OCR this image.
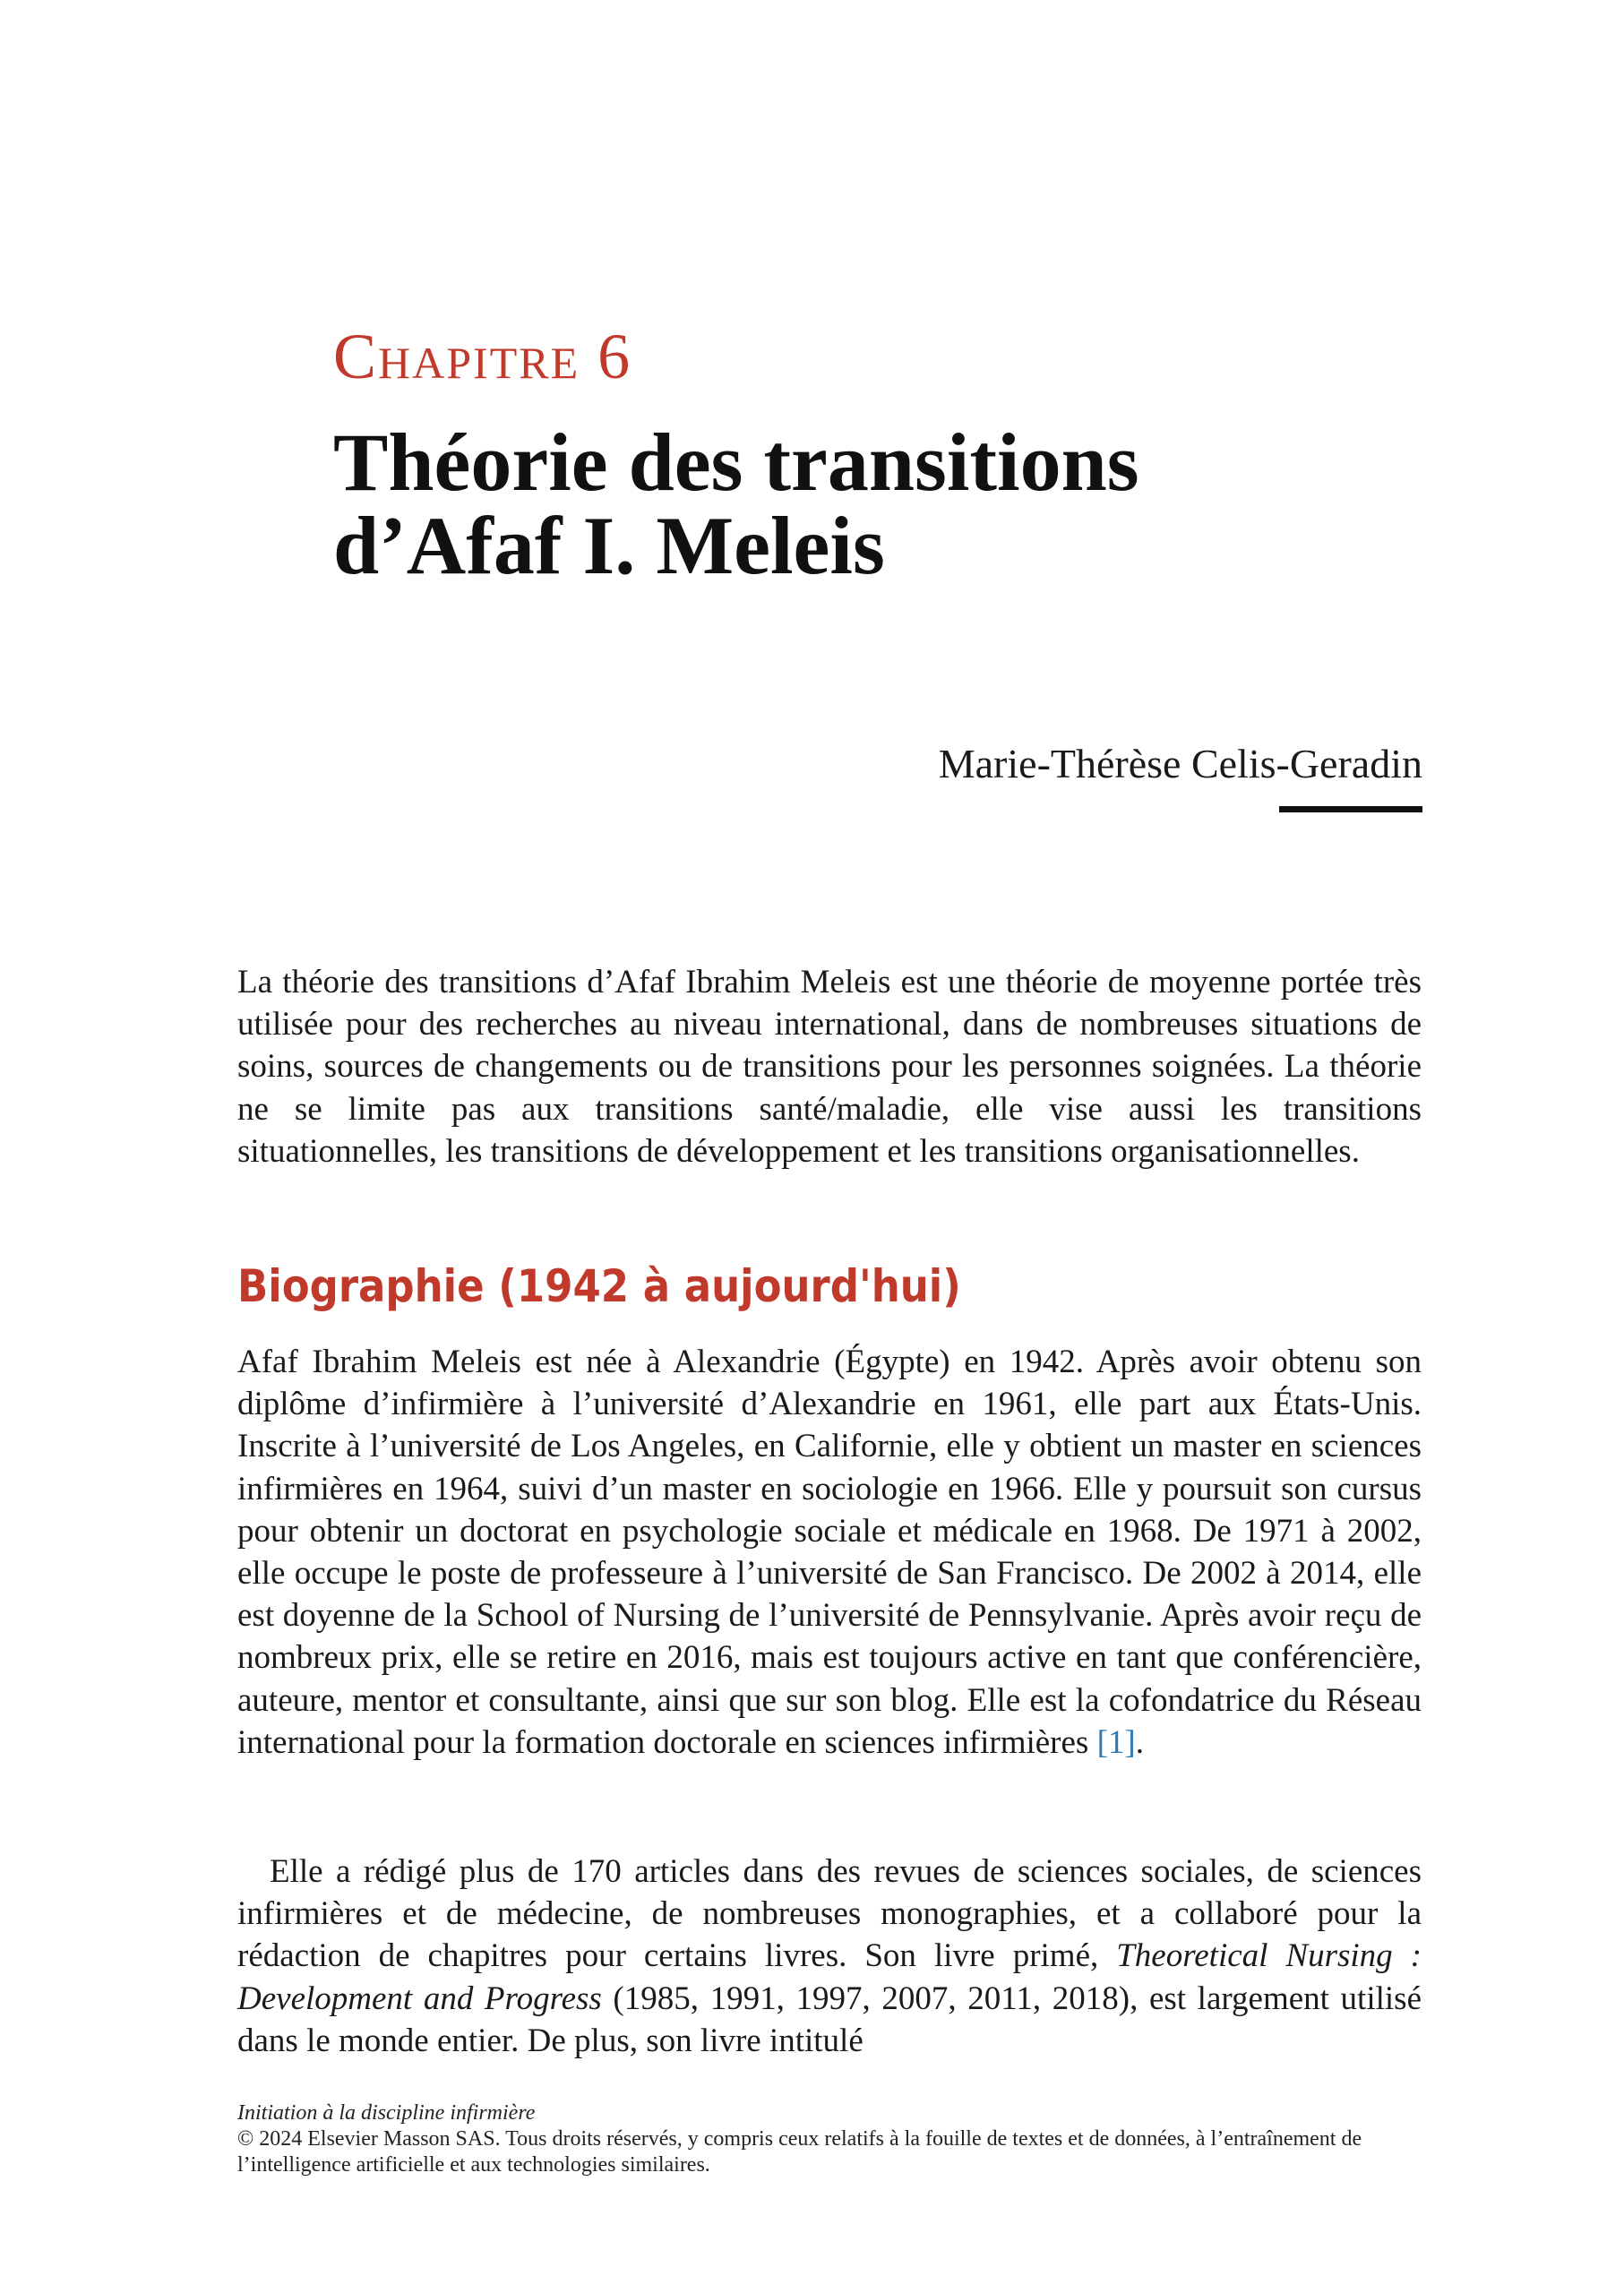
Chapitre 6
Théorie des transitions
d’Afaf I. Meleis
Marie-Thérèse Celis-Geradin

La théorie des transitions d’Afaf Ibrahim Meleis est une théorie de moyenne portée très utilisée pour des recherches au niveau international, dans de nombreuses situations de soins, sources de changements ou de transitions pour les personnes soignées. La théorie ne se limite pas aux transitions santé/maladie, elle vise aussi les transitions situationnelles, les transitions de développement et les transitions organisationnelles.

Biographie (1942 à aujourd'hui)

Afaf Ibrahim Meleis est née à Alexandrie (Égypte) en 1942. Après avoir obtenu son diplôme d’infirmière à l’université d’Alexandrie en 1961, elle part aux États-Unis. Inscrite à l’université de Los Angeles, en Californie, elle y obtient un master en sciences infirmières en 1964, suivi d’un master en sociologie en 1966. Elle y poursuit son cursus pour obtenir un doctorat en psychologie sociale et médicale en 1968. De 1971 à 2002, elle occupe le poste de professeure à l’université de San Francisco. De 2002 à 2014, elle est doyenne de la School of Nursing de l’université de Pennsylvanie. Après avoir reçu de nombreux prix, elle se retire en 2016, mais est toujours active en tant que conférencière, auteure, mentor et consultante, ainsi que sur son blog. Elle est la cofondatrice du Réseau international pour la formation doctorale en sciences infirmières [1].

Elle a rédigé plus de 170 articles dans des revues de sciences sociales, de sciences infirmières et de médecine, de nombreuses monographies, et a collaboré pour la rédaction de chapitres pour certains livres. Son livre primé, Theoretical Nursing : Development and Progress (1985, 1991, 1997, 2007, 2011, 2018), est largement utilisé dans le monde entier. De plus, son livre intitulé

Initiation à la discipline infirmière
© 2024 Elsevier Masson SAS. Tous droits réservés, y compris ceux relatifs à la fouille de textes et de données, à l’entraînement de l’intelligence artificielle et aux technologies similaires.
